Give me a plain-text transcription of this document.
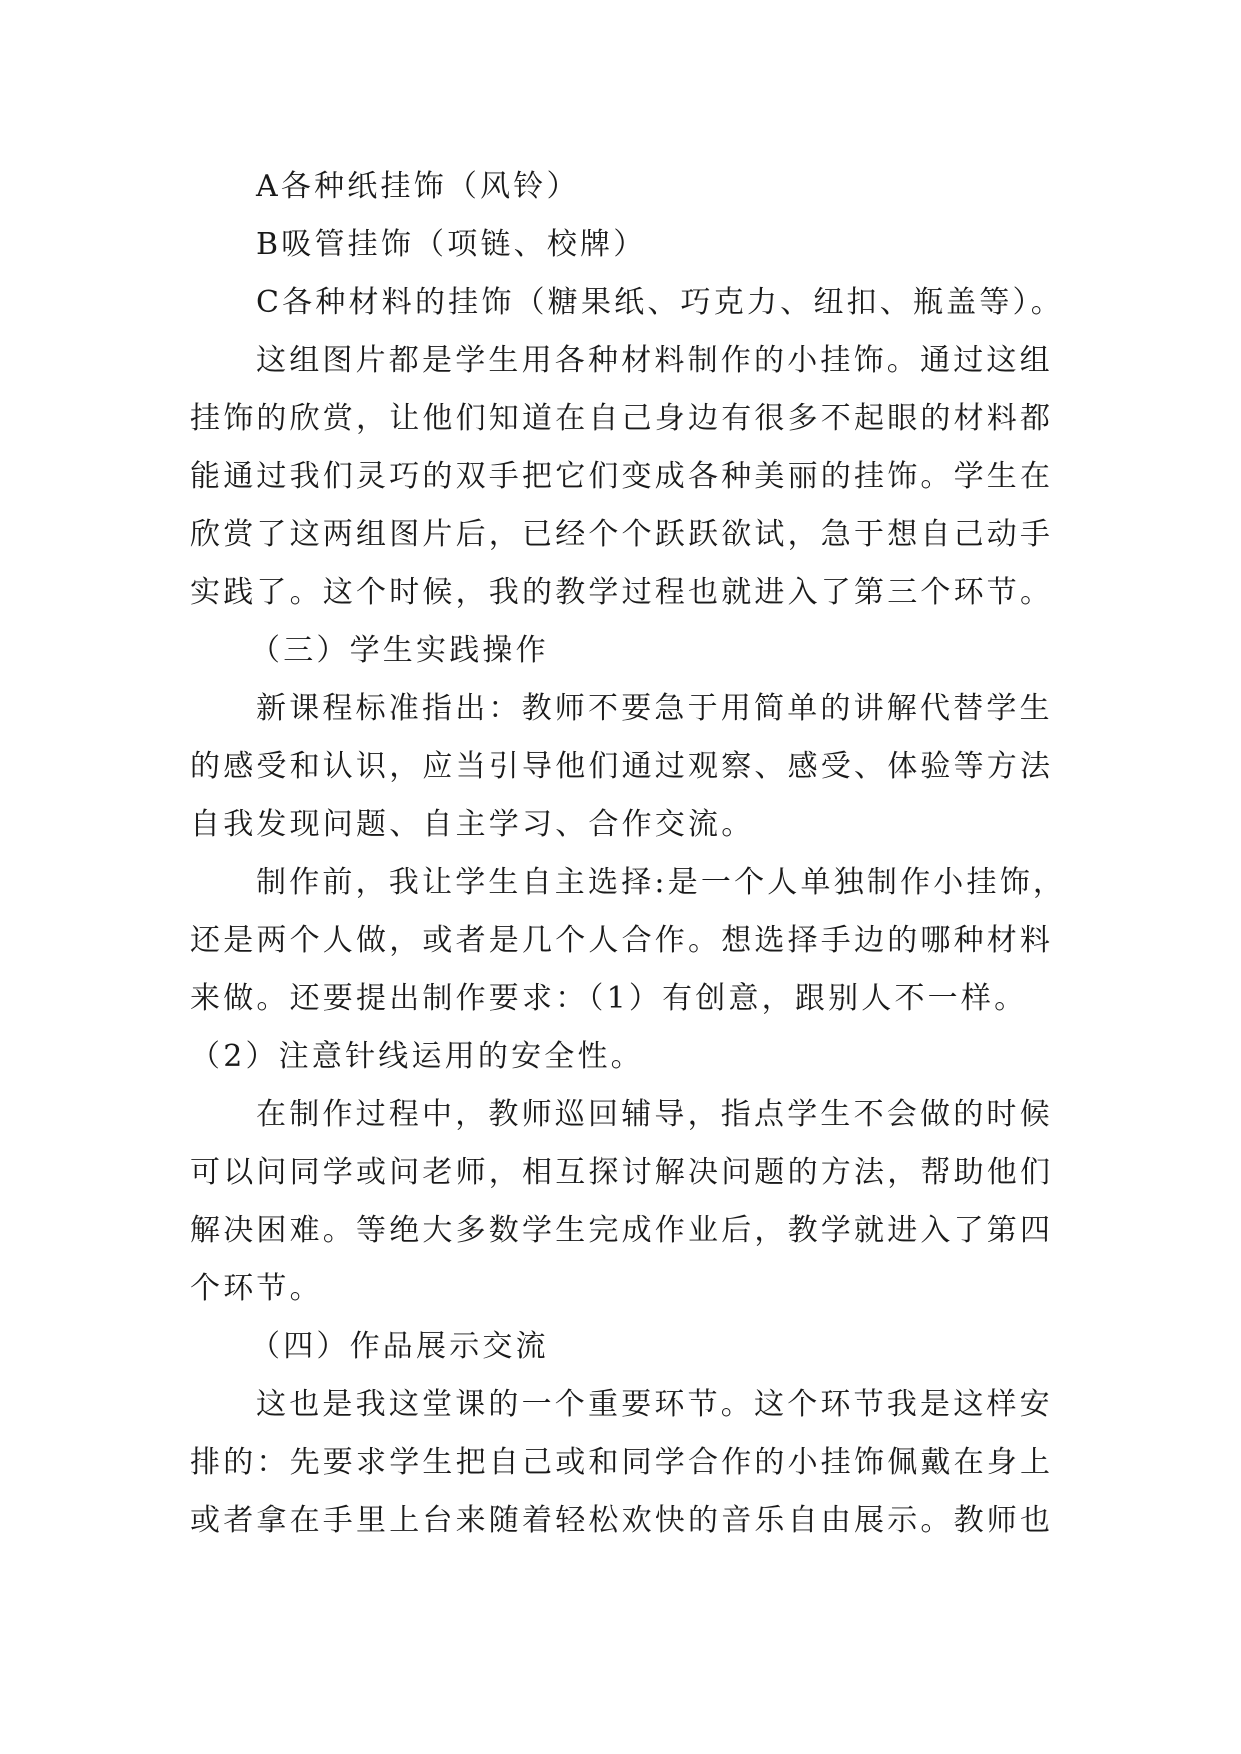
A各种纸挂饰（风铃）

B吸管挂饰（项链、校牌）

C各种材料的挂饰（糖果纸、巧克力、纽扣、瓶盖等）。

这组图片都是学生用各种材料制作的小挂饰。通过这组挂饰的欣赏，让他们知道在自己身边有很多不起眼的材料都能通过我们灵巧的双手把它们变成各种美丽的挂饰。学生在欣赏了这两组图片后，已经个个跃跃欲试，急于想自己动手实践了。这个时候，我的教学过程也就进入了第三个环节。

（三）学生实践操作

新课程标准指出：教师不要急于用简单的讲解代替学生的感受和认识，应当引导他们通过观察、感受、体验等方法自我发现问题、自主学习、合作交流。

制作前，我让学生自主选择:是一个人单独制作小挂饰，还是两个人做，或者是几个人合作。想选择手边的哪种材料来做。还要提出制作要求：（1）有创意，跟别人不一样。

（2）注意针线运用的安全性。

在制作过程中，教师巡回辅导，指点学生不会做的时候可以问同学或问老师，相互探讨解决问题的方法，帮助他们解决困难。等绝大多数学生完成作业后，教学就进入了第四个环节。

（四）作品展示交流

这也是我这堂课的一个重要环节。这个环节我是这样安排的：先要求学生把自己或和同学合作的小挂饰佩戴在身上或者拿在手里上台来随着轻松欢快的音乐自由展示。教师也
